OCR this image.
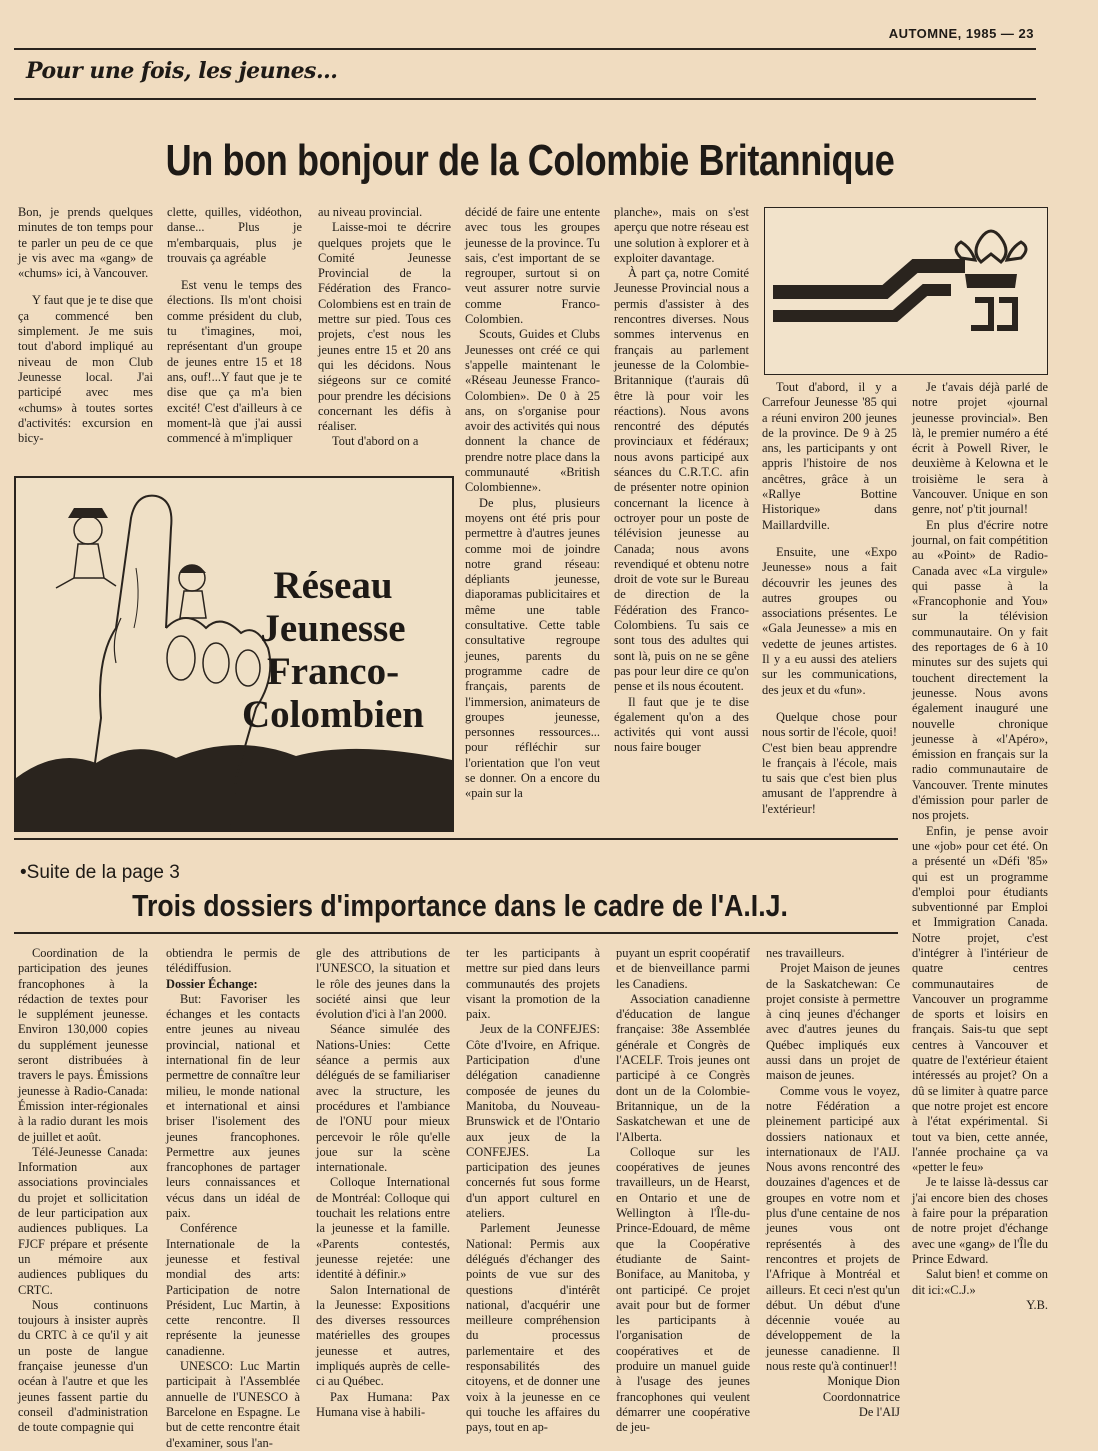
AUTOMNE, 1985 — 23
Pour une fois, les jeunes...
Un bon bonjour de la Colombie Britannique

Bon, je prends quelques minutes de ton temps pour te parler un peu de ce que je vis avec ma «gang» de «chums» ici, à Vancouver.

Y faut que je te dise que ça commencé ben simplement. Je me suis tout d'abord impliqué au niveau de mon Club Jeunesse local. J'ai participé avec mes «chums» à toutes sortes d'activités: excursion en bicy-

clette, quilles, vidéothon, danse... Plus je m'embarquais, plus je trouvais ça agréable

Est venu le temps des élections. Ils m'ont choisi comme président du club, tu t'imagines, moi, représentant d'un groupe de jeunes entre 15 et 18 ans, ouf!...Y faut que je te dise que ça m'a bien excité! C'est d'ailleurs à ce moment-là que j'ai aussi commencé à m'impliquer

au niveau provincial.

Laisse-moi te décrire quelques projets que le Comité Jeunesse Provincial de la Fédération des Franco-Colombiens est en train de mettre sur pied. Tous ces projets, c'est nous les jeunes entre 15 et 20 ans qui les décidons. Nous siégeons sur ce comité pour prendre les décisions concernant les défis à réaliser.

Tout d'abord on a

décidé de faire une entente avec tous les groupes jeunesse de la province. Tu sais, c'est important de se regrouper, surtout si on veut assurer notre survie comme Franco-Colombien.

Scouts, Guides et Clubs Jeunesses ont créé ce qui s'appelle maintenant le «Réseau Jeunesse Franco-Colombien». De 0 à 25 ans, on s'organise pour avoir des activités qui nous donnent la chance de prendre notre place dans la communauté «British Colombienne».

De plus, plusieurs moyens ont été pris pour permettre à d'autres jeunes comme moi de joindre notre grand réseau: dépliants jeunesse, diaporamas publicitaires et même une table consultative. Cette table consultative regroupe jeunes, parents du programme cadre de français, parents de l'immersion, animateurs de groupes jeunesse, personnes ressources... pour réfléchir sur l'orientation que l'on veut se donner. On a encore du «pain sur la

planche», mais on s'est aperçu que notre réseau est une solution à explorer et à exploiter davantage.

À part ça, notre Comité Jeunesse Provincial nous a permis d'assister à des rencontres diverses. Nous sommes intervenus en français au parlement jeunesse de la Colombie-Britannique (t'aurais dû être là pour voir les réactions). Nous avons rencontré des députés provinciaux et fédéraux; nous avons participé aux séances du C.R.T.C. afin de présenter notre opinion concernant la licence à octroyer pour un poste de télévision jeunesse au Canada; nous avons revendiqué et obtenu notre droit de vote sur le Bureau de direction de la Fédération des Franco-Colombiens. Tu sais ce sont tous des adultes qui sont là, puis on ne se gêne pas pour leur dire ce qu'on pense et ils nous écoutent.

Il faut que je te dise également qu'on a des activités qui vont aussi nous faire bouger

Tout d'abord, il y a Carrefour Jeunesse '85 qui a réuni environ 200 jeunes de la province. De 9 à 25 ans, les participants y ont appris l'histoire de nos ancêtres, grâce à un «Rallye Bottine Historique» dans Maillardville.

Ensuite, une «Expo Jeunesse» nous a fait découvrir les jeunes des autres groupes ou associations présentes. Le «Gala Jeunesse» a mis en vedette de jeunes artistes. Il y a eu aussi des ateliers sur les communications, des jeux et du «fun».

Quelque chose pour nous sortir de l'école, quoi! C'est bien beau apprendre le français à l'école, mais tu sais que c'est bien plus amusant de l'apprendre à l'extérieur!

Je t'avais déjà parlé de notre projet «journal jeunesse provincial». Ben là, le premier numéro a été écrit à Powell River, le deuxième à Kelowna et le troisième le sera à Vancouver. Unique en son genre, not' p'tit journal!

En plus d'écrire notre journal, on fait compétition au «Point» de Radio-Canada avec «La virgule» qui passe à la «Francophonie and You» sur la télévision communautaire. On y fait des reportages de 6 à 10 minutes sur des sujets qui touchent directement la jeunesse. Nous avons également inauguré une nouvelle chronique jeunesse à «l'Apéro», émission en français sur la radio communautaire de Vancouver. Trente minutes d'émission pour parler de nos projets.

Enfin, je pense avoir une «job» pour cet été. On a présenté un «Défi '85» qui est un programme d'emploi pour étudiants subventionné par Emploi et Immigration Canada. Notre projet, c'est d'intégrer à l'intérieur de quatre centres communautaires de Vancouver un programme de sports et loisirs en français. Sais-tu que sept centres à Vancouver et quatre de l'extérieur étaient intéressés au projet? On a dû se limiter à quatre parce que notre projet est encore à l'état expérimental. Si tout va bien, cette année, l'année prochaine ça va «petter le feu»

Je te laisse là-dessus car j'ai encore bien des choses à faire pour la préparation de notre projet d'échange avec une «gang» de l'Île du Prince Edward.

Salut bien! et comme on dit ici:«C.J.»

Y.B.

Réseau
Jeunesse
Franco-
Colombien
•Suite de la page 3
Trois dossiers d'importance dans le cadre de l'A.I.J.

Coordination de la participation des jeunes francophones à la rédaction de textes pour le supplément jeunesse. Environ 130,000 copies du supplément jeunesse seront distribuées à travers le pays. Émissions jeunesse à Radio-Canada: Émission inter-régionales à la radio durant les mois de juillet et août.

Télé-Jeunesse Canada: Information aux associations provinciales du projet et sollicitation de leur participation aux audiences publiques. La FJCF prépare et présente un mémoire aux audiences publiques du CRTC.

Nous continuons toujours à insister auprès du CRTC à ce qu'il y ait un poste de langue française jeunesse d'un océan à l'autre et que les jeunes fassent partie du conseil d'administration de toute compagnie qui

obtiendra le permis de télédiffusion.

Dossier Échange:

But: Favoriser les échanges et les contacts entre jeunes au niveau provincial, national et international fin de leur permettre de connaître leur milieu, le monde national et international et ainsi briser l'isolement des jeunes francophones. Permettre aux jeunes francophones de partager leurs connaissances et vécus dans un idéal de paix.

Conférence Internationale de la jeunesse et festival mondial des arts: Participation de notre Président, Luc Martin, à cette rencontre. Il représente la jeunesse canadienne.

UNESCO: Luc Martin participait à l'Assemblée annuelle de l'UNESCO à Barcelone en Espagne. Le but de cette rencontre était d'examiner, sous l'an-

gle des attributions de l'UNESCO, la situation et le rôle des jeunes dans la société ainsi que leur évolution d'ici à l'an 2000.

Séance simulée des Nations-Unies: Cette séance a permis aux délégués de se familiariser avec la structure, les procédures et l'ambiance de l'ONU pour mieux percevoir le rôle qu'elle joue sur la scène internationale.

Colloque International de Montréal: Colloque qui touchait les relations entre la jeunesse et la famille. «Parents contestés, jeunesse rejetée: une identité à définir.»

Salon International de la Jeunesse: Expositions des diverses ressources matérielles des groupes jeunesse et autres, impliqués auprès de celle-ci au Québec.

Pax Humana: Pax Humana vise à habili-

ter les participants à mettre sur pied dans leurs communautés des projets visant la promotion de la paix.

Jeux de la CONFEJES: Côte d'Ivoire, en Afrique. Participation d'une délégation canadienne composée de jeunes du Manitoba, du Nouveau-Brunswick et de l'Ontario aux jeux de la CONFEJES. La participation des jeunes concernés fut sous forme d'un apport culturel en ateliers.

Parlement Jeunesse National: Permis aux délégués d'échanger des points de vue sur des questions d'intérêt national, d'acquérir une meilleure compréhension du processus parlementaire et des responsabilités des citoyens, et de donner une voix à la jeunesse en ce qui touche les affaires du pays, tout en ap-

puyant un esprit coopératif et de bienveillance parmi les Canadiens.

Association canadienne d'éducation de langue française: 38e Assemblée générale et Congrès de l'ACELF. Trois jeunes ont participé à ce Congrès dont un de la Colombie-Britannique, un de la Saskatchewan et une de l'Alberta.

Colloque sur les coopératives de jeunes travailleurs, un de Hearst, en Ontario et une de Wellington à l'Île-du-Prince-Edouard, de même que la Coopérative étudiante de Saint-Boniface, au Manitoba, y ont participé. Ce projet avait pour but de former les participants à l'organisation de coopératives et de produire un manuel guide à l'usage des jeunes francophones qui veulent démarrer une coopérative de jeu-

nes travailleurs.

Projet Maison de jeunes de la Saskatchewan: Ce projet consiste à permettre à cinq jeunes d'échanger avec d'autres jeunes du Québec impliqués eux aussi dans un projet de maison de jeunes.

Comme vous le voyez, notre Fédération a pleinement participé aux dossiers nationaux et internationaux de l'AIJ. Nous avons rencontré des douzaines d'agences et de groupes en votre nom et plus d'une centaine de nos jeunes vous ont représentés à des rencontres et projets de l'Afrique à Montréal et ailleurs. Et ceci n'est qu'un début. Un début d'une décennie vouée au développement de la jeunesse canadienne. Il nous reste qu'à continuer!!

Monique Dion

Coordonnatrice

De l'AIJ
